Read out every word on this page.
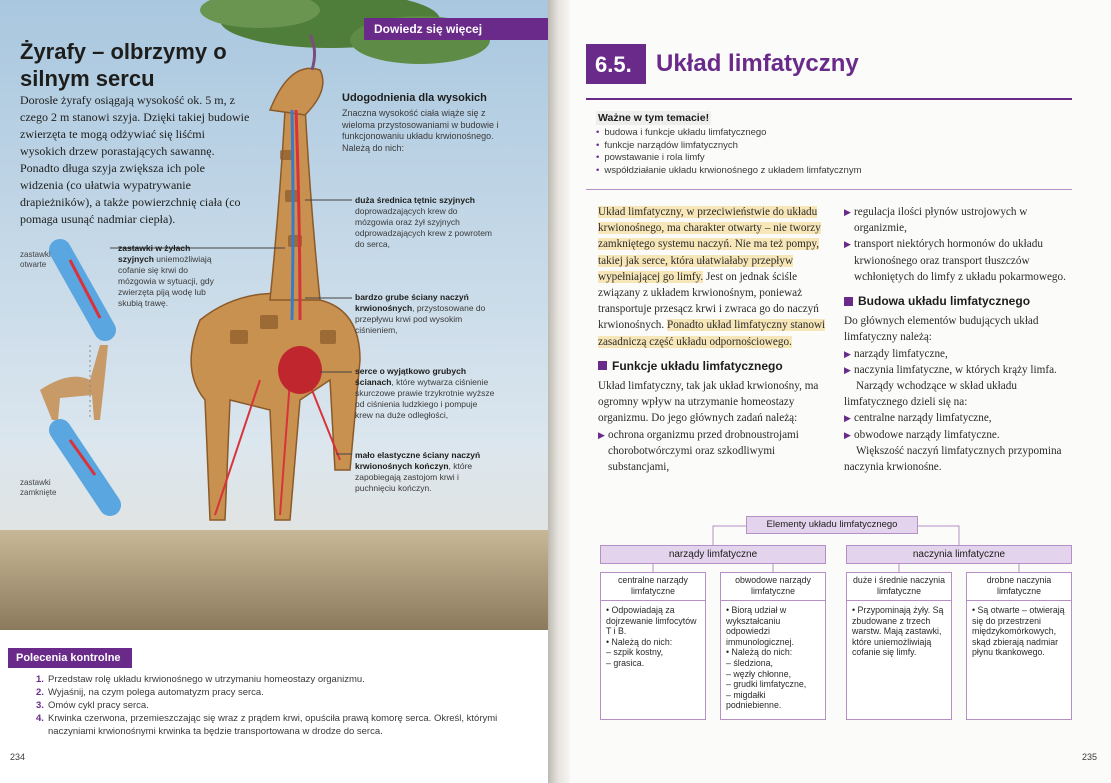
Żyrafy – olbrzymy o silnym sercu
Dorosłe żyrafy osiągają wysokość ok. 5 m, z czego 2 m stanowi szyja. Dzięki takiej budowie zwierzęta te mogą odżywiać się liśćmi wysokich drzew porastających sawannę. Ponadto długa szyja zwiększa ich pole widzenia (co ułatwia wypatrywanie drapieżników), a także powierzchnię ciała (co pomaga usunąć nadmiar ciepła).
Dowiedz się więcej
Udogodnienia dla wysokich
Znaczna wysokość ciała wiąże się z wieloma przystosowaniami w budowie i funkcjonowaniu układu krwionośnego. Należą do nich:
duża średnica tętnic szyjnych doprowadzających krew do mózgowia oraz żył szyjnych odprowadzających krew z powrotem do serca,
bardzo grube ściany naczyń krwionośnych, przystosowane do przepływu krwi pod wysokim ciśnieniem,
serce o wyjątkowo grubych ścianach, które wytwarza ciśnienie skurczowe prawie trzykrotnie wyższe od ciśnienia ludzkiego i pompuje krew na duże odległości,
mało elastyczne ściany naczyń krwionośnych kończyn, które zapobiegają zastojom krwi i puchnięciu kończyn.
zastawki w żyłach szyjnych uniemożliwiają cofanie się krwi do mózgowia w sytuacji, gdy zwierzęta piją wodę lub skubią trawę.
zastawki otwarte
zastawki zamknięte
Polecenia kontrolne
1. Przedstaw rolę układu krwionośnego w utrzymaniu homeostazy organizmu.
2. Wyjaśnij, na czym polega automatyzm pracy serca.
3. Omów cykl pracy serca.
4. Krwinka czerwona, przemieszczając się wraz z prądem krwi, opuściła prawą komorę serca. Określ, którymi naczyniami krwionośnymi krwinka ta będzie transportowana w drodze do serca.
234
6.5.	Układ limfatyczny
Ważne w tym temacie!
• budowa i funkcje układu limfatycznego
• funkcje narządów limfatycznych
• powstawanie i rola limfy
• współdziałanie układu krwionośnego z układem limfatycznym

Układ limfatyczny, w przeciwieństwie do układu krwionośnego, ma charakter otwarty – nie tworzy zamkniętego systemu naczyń. Nie ma też pompy, takiej jak serce, która ułatwiałaby przepływ wypełniającej go limfy. Jest on jednak ściśle związany z układem krwionośnym, ponieważ transportuje przesącz krwi i zwraca go do naczyń krwionośnych. Ponadto układ limfatyczny stanowi zasadniczą część układu odpornościowego.

Funkcje układu limfatycznego

Układ limfatyczny, tak jak układ krwionośny, ma ogromny wpływ na utrzymanie homeostazy organizmu. Do jego głównych zadań należą:

▶ ochrona organizmu przed drobnoustrojami chorobotwórczymi oraz szkodliwymi substancjami,
▶ regulacja ilości płynów ustrojowych w organizmie,
▶ transport niektórych hormonów do układu krwionośnego oraz transport tłuszczów wchłoniętych do limfy z układu pokarmowego.
Budowa układu limfatycznego

Do głównych elementów budujących układ limfatyczny należą:

▶ narządy limfatyczne,
▶ naczynia limfatyczne, w których krąży limfa.

Narządy wchodzące w skład układu limfatycznego dzieli się na:

▶ centralne narządy limfatyczne,
▶ obwodowe narządy limfatyczne.

Większość naczyń limfatycznych przypomina naczynia krwionośne.

Elementy układu limfatycznego
narządy limfatyczne	naczynia limfatyczne
centralne narządy limfatyczne
• Odpowiadają za dojrzewanie limfocytów T i B.
• Należą do nich:
– szpik kostny,
– grasica.
obwodowe narządy limfatyczne
• Biorą udział w wykształcaniu odpowiedzi immunologicznej.
• Należą do nich:
– śledziona,
– węzły chłonne,
– grudki limfatyczne,
– migdałki podniebienne.
duże i średnie naczynia limfatyczne
• Przypominają żyły. Są zbudowane z trzech warstw. Mają zastawki, które uniemożliwiają cofanie się limfy.
drobne naczynia limfatyczne
• Są otwarte – otwierają się do przestrzeni międzykomórkowych, skąd zbierają nadmiar płynu tkankowego.
235
